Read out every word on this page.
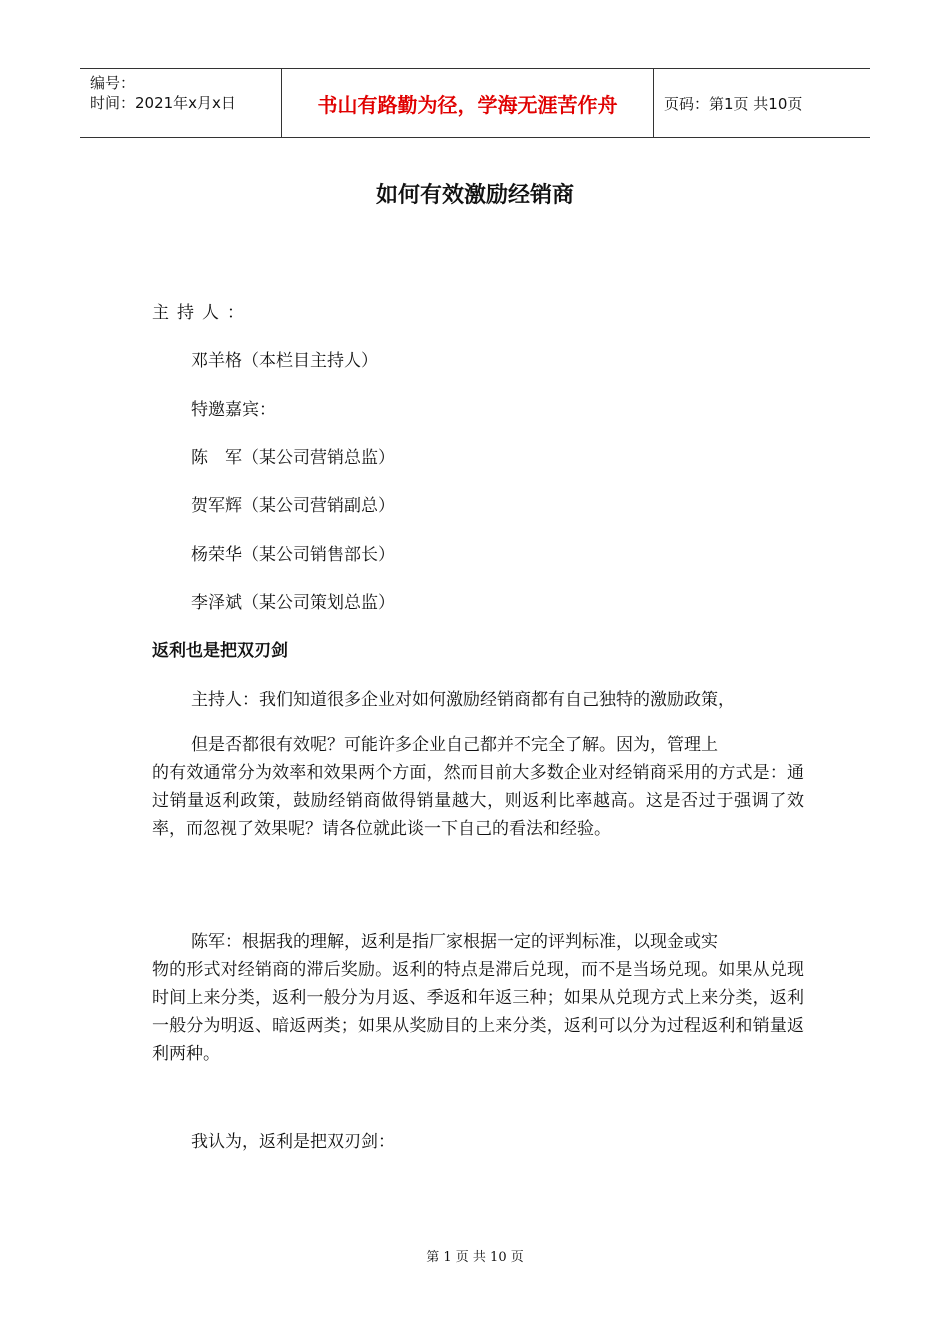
编号：
时间：2021年x月x日	书山有路勤为径，学海无涯苦作舟	页码：第1页 共10页
如何有效激励经销商
主持人：
邓羊格（本栏目主持人）
特邀嘉宾：
陈　军（某公司营销总监）
贺军辉（某公司营销副总）
杨荣华（某公司销售部长）
李泽斌（某公司策划总监）
返利也是把双刃剑
主持人：我们知道很多企业对如何激励经销商都有自己独特的激励政策，
但是否都很有效呢？可能许多企业自己都并不完全了解。因为，管理上
的有效通常分为效率和效果两个方面，然而目前大多数企业对经销商采用的方式是：通过销量返利政策，鼓励经销商做得销量越大，则返利比率越高。这是否过于强调了效率，而忽视了效果呢？请各位就此谈一下自己的看法和经验。
陈军：根据我的理解，返利是指厂家根据一定的评判标准，以现金或实
物的形式对经销商的滞后奖励。返利的特点是滞后兑现，而不是当场兑现。如果从兑现时间上来分类，返利一般分为月返、季返和年返三种；如果从兑现方式上来分类，返利一般分为明返、暗返两类；如果从奖励目的上来分类，返利可以分为过程返利和销量返利两种。
我认为，返利是把双刃剑：
第 1 页 共 10 页
